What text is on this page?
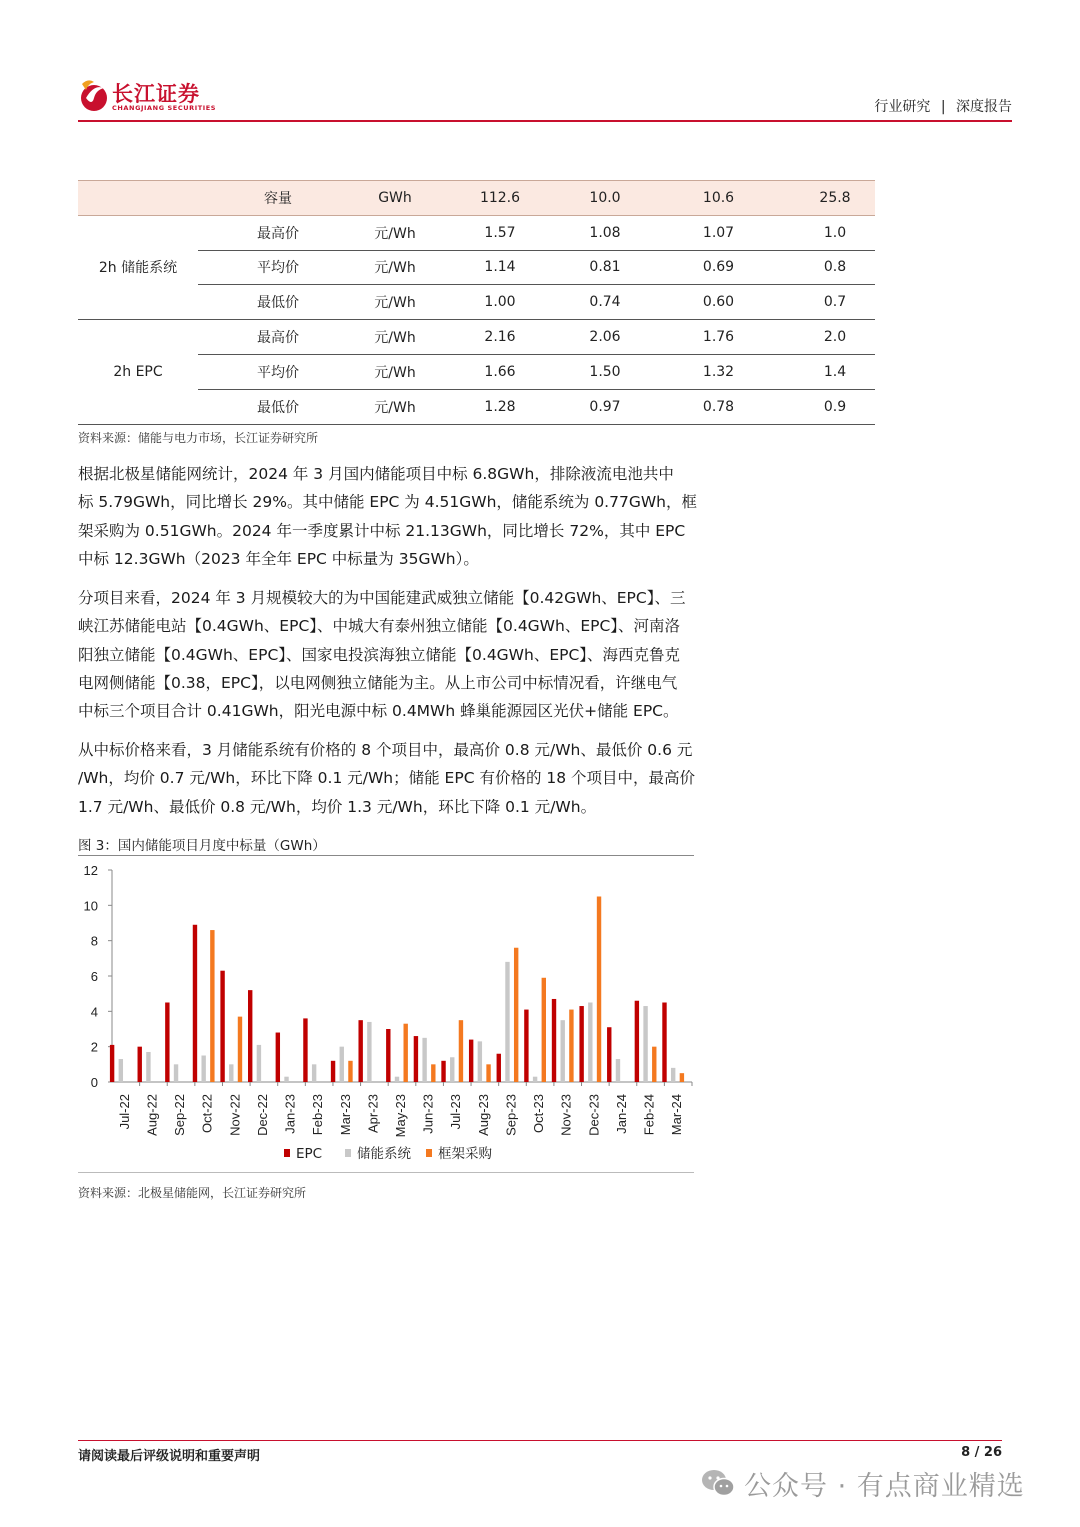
长江证券
CHANGJIANG SECURITIES	行业研究 | 深度报告
	容量	GWh	112.6	10.0	10.6	25.8
2h 储能系统	最高价	元/Wh	1.57	1.08	1.07	1.0
	平均价	元/Wh	1.14	0.81	0.69	0.8
	最低价	元/Wh	1.00	0.74	0.60	0.7
2h EPC	最高价	元/Wh	2.16	2.06	1.76	2.0
	平均价	元/Wh	1.66	1.50	1.32	1.4
	最低价	元/Wh	1.28	0.97	0.78	0.9
资料来源：储能与电力市场，长江证券研究所
根据北极星储能网统计，2024 年 3 月国内储能项目中标 6.8GWh，排除液流电池共中
标 5.79GWh，同比增长 29%。其中储能 EPC 为 4.51GWh，储能系统为 0.77GWh，框
架采购为 0.51GWh。2024 年一季度累计中标 21.13GWh，同比增长 72%，其中 EPC
中标 12.3GWh（2023 年全年 EPC 中标量为 35GWh）。
分项目来看，2024 年 3 月规模较大的为中国能建武威独立储能【0.42GWh、EPC】、三
峡江苏储能电站【0.4GWh、EPC】、中城大有泰州独立储能【0.4GWh、EPC】、河南洛
阳独立储能【0.4GWh、EPC】、国家电投滨海独立储能【0.4GWh、EPC】、海西克鲁克
电网侧储能【0.38，EPC】，以电网侧独立储能为主。从上市公司中标情况看，许继电气
中标三个项目合计 0.41GWh，阳光电源中标 0.4MWh 蜂巢能源园区光伏+储能 EPC。
从中标价格来看，3 月储能系统有价格的 8 个项目中，最高价 0.8 元/Wh、最低价 0.6 元
/Wh，均价 0.7 元/Wh，环比下降 0.1 元/Wh；储能 EPC 有价格的 18 个项目中，最高价
1.7 元/Wh、最低价 0.8 元/Wh，均价 1.3 元/Wh，环比下降 0.1 元/Wh。
图 3：国内储能项目月度中标量（GWh）
0
2
4
6
8
10
12
Jul-22 Aug-22 Sep-22 Oct-22 Nov-22 Dec-22 Jan-23 Feb-23 Mar-23 Apr-23 May-23 Jun-23 Jul-23 Aug-23 Sep-23 Oct-23 Nov-23 Dec-23 Jan-24 Feb-24 Mar-24
EPC	储能系统 框架采购
资料来源：北极星储能网，长江证券研究所
请阅读最后评级说明和重要声明	8 / 26
公众号 · 有点商业精选
